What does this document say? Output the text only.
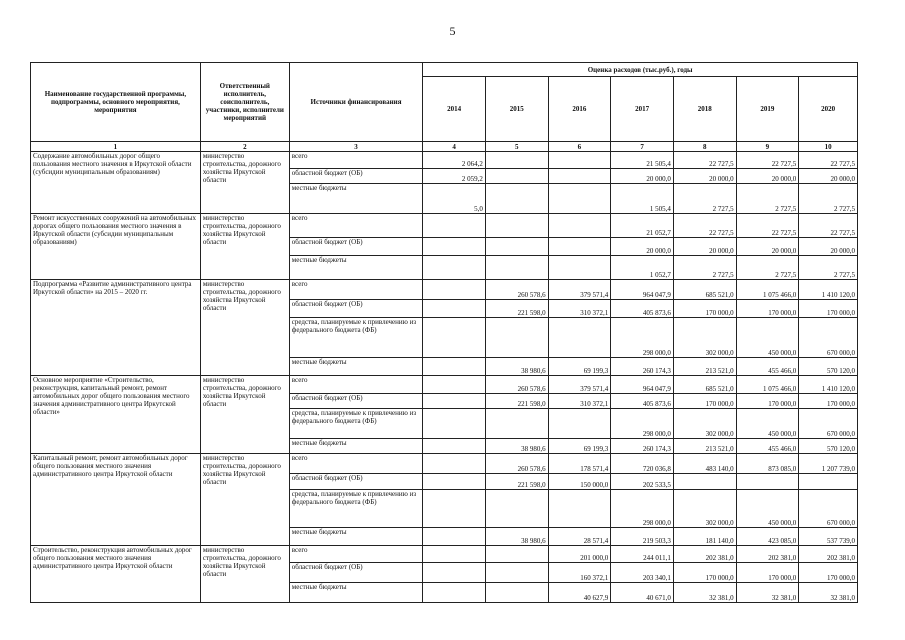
5
Наименование государственной программы, подпрограммы, основного мероприятия, мероприятия	Ответственный исполнитель, соисполнитель, участники, исполнители мероприятий	Источники финансирования	Оценка расходов (тыс.руб.), годы						
			2014	2015	2016	2017	2018	2019	2020
1	2	3	4	5	6	7	8	9	10
Содержание автомобильных дорог общего пользования местного значения в Иркутской области (субсидии муниципальным образованиям)	министерство строительства, дорожного хозяйства Иркутской области	всего	2 064,2			21 505,4	22 727,5	22 727,5	22 727,5
		областной бюджет (ОБ)	2 059,2			20 000,0	20 000,0	20 000,0	20 000,0
		местные бюджеты	5,0			1 505,4	2 727,5	2 727,5	2 727,5
Ремонт искусственных сооружений на автомобильных дорогах общего пользования местного значения в Иркутской области (субсидии муниципальным образованиям)	министерство строительства, дорожного хозяйства Иркутской области	всего				21 052,7	22 727,5	22 727,5	22 727,5
		областной бюджет (ОБ)				20 000,0	20 000,0	20 000,0	20 000,0
		местные бюджеты				1 052,7	2 727,5	2 727,5	2 727,5
Подпрограмма «Развитие административного центра Иркутской области» на 2015 – 2020 гг.	министерство строительства, дорожного хозяйства Иркутской области	всего		260 578,6	379 571,4	964 047,9	685 521,0	1 075 466,0	1 410 120,0
		областной бюджет (ОБ)		221 598,0	310 372,1	405 873,6	170 000,0	170 000,0	170 000,0
		средства, планируемые к привлечению из федерального бюджета (ФБ)				298 000,0	302 000,0	450 000,0	670 000,0
		местные бюджеты		38 980,6	69 199,3	260 174,3	213 521,0	455 466,0	570 120,0
Основное мероприятие «Строительство, реконструкция, капитальный ремонт, ремонт автомобильных дорог общего пользования местного значения административного центра Иркутской области»	министерство строительства, дорожного хозяйства Иркутской области	всего		260 578,6	379 571,4	964 047,9	685 521,0	1 075 466,0	1 410 120,0
		областной бюджет (ОБ)		221 598,0	310 372,1	405 873,6	170 000,0	170 000,0	170 000,0
		средства, планируемые к привлечению из федерального бюджета (ФБ)				298 000,0	302 000,0	450 000,0	670 000,0
		местные бюджеты		38 980,6	69 199,3	260 174,3	213 521,0	455 466,0	570 120,0
Капитальный ремонт, ремонт автомобильных дорог общего пользования местного значения административного центра Иркутской области	министерство строительства, дорожного хозяйства Иркутской области	всего		260 578,6	178 571,4	720 036,8	483 140,0	873 085,0	1 207 739,0
		областной бюджет (ОБ)		221 598,0	150 000,0	202 533,5			
		средства, планируемые к привлечению из федерального бюджета (ФБ)				298 000,0	302 000,0	450 000,0	670 000,0
		местные бюджеты		38 980,6	28 571,4	219 503,3	181 140,0	423 085,0	537 739,0
Строительство, реконструкция автомобильных дорог общего пользования местного значения административного центра Иркутской области	министерство строительства, дорожного хозяйства Иркутской области	всего			201 000,0	244 011,1	202 381,0	202 381,0	202 381,0
		областной бюджет (ОБ)			160 372,1	203 340,1	170 000,0	170 000,0	170 000,0
		местные бюджеты			40 627,9	40 671,0	32 381,0	32 381,0	32 381,0
